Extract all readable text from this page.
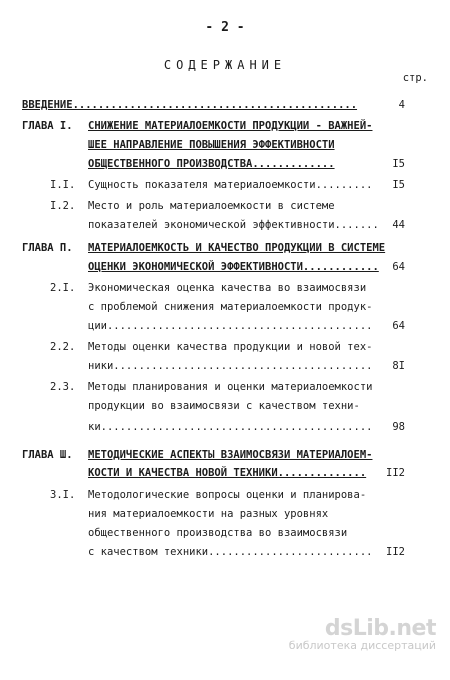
- 2 -
СОДЕРЖАНИЕ
стр.
ВВЕДЕНИЕ.............................................	4
ГЛАВА I. СНИЖЕНИЕ МАТЕРИАЛОЕМКОСТИ ПРОДУКЦИИ - ВАЖНЕЙ-
ШЕЕ НАПРАВЛЕНИЕ ПОВЫШЕНИЯ ЭФФЕКТИВНОСТИ
ОБЩЕСТВЕННОГО ПРОИЗВОДСТВА.............	I5
I.I. Сущность показателя материалоемкости.........	I5
I.2. Место и роль материалоемкости в системе
показателей экономической эффективности.......	44
ГЛАВА П. МАТЕРИАЛОЕМКОСТЬ И КАЧЕСТВО ПРОДУКЦИИ В СИСТЕМЕ
ОЦЕНКИ ЭКОНОМИЧЕСКОЙ ЭФФЕКТИВНОСТИ............	64
2.I. Экономическая оценка качества во взаимосвязи
с проблемой снижения материалоемкости продук-
ции..........................................	64
2.2. Методы оценки качества продукции и новой тех-
ники.........................................	8I
2.3. Методы планирования и оценки материалоемкости
продукции во взаимосвязи с качеством техни-
ки...........................................	98
ГЛАВА Ш. МЕТОДИЧЕСКИЕ АСПЕКТЫ ВЗАИМОСВЯЗИ МАТЕРИАЛОЕМ-
КОСТИ И КАЧЕСТВА НОВОЙ ТЕХНИКИ..............	II2
3.I. Методологические вопросы оценки и планирова-
ния материалоемкости на разных уровнях
общественного производства во взаимосвязи
с качеством техники..........................	II2
dsLib.net
библиотека диссертаций
